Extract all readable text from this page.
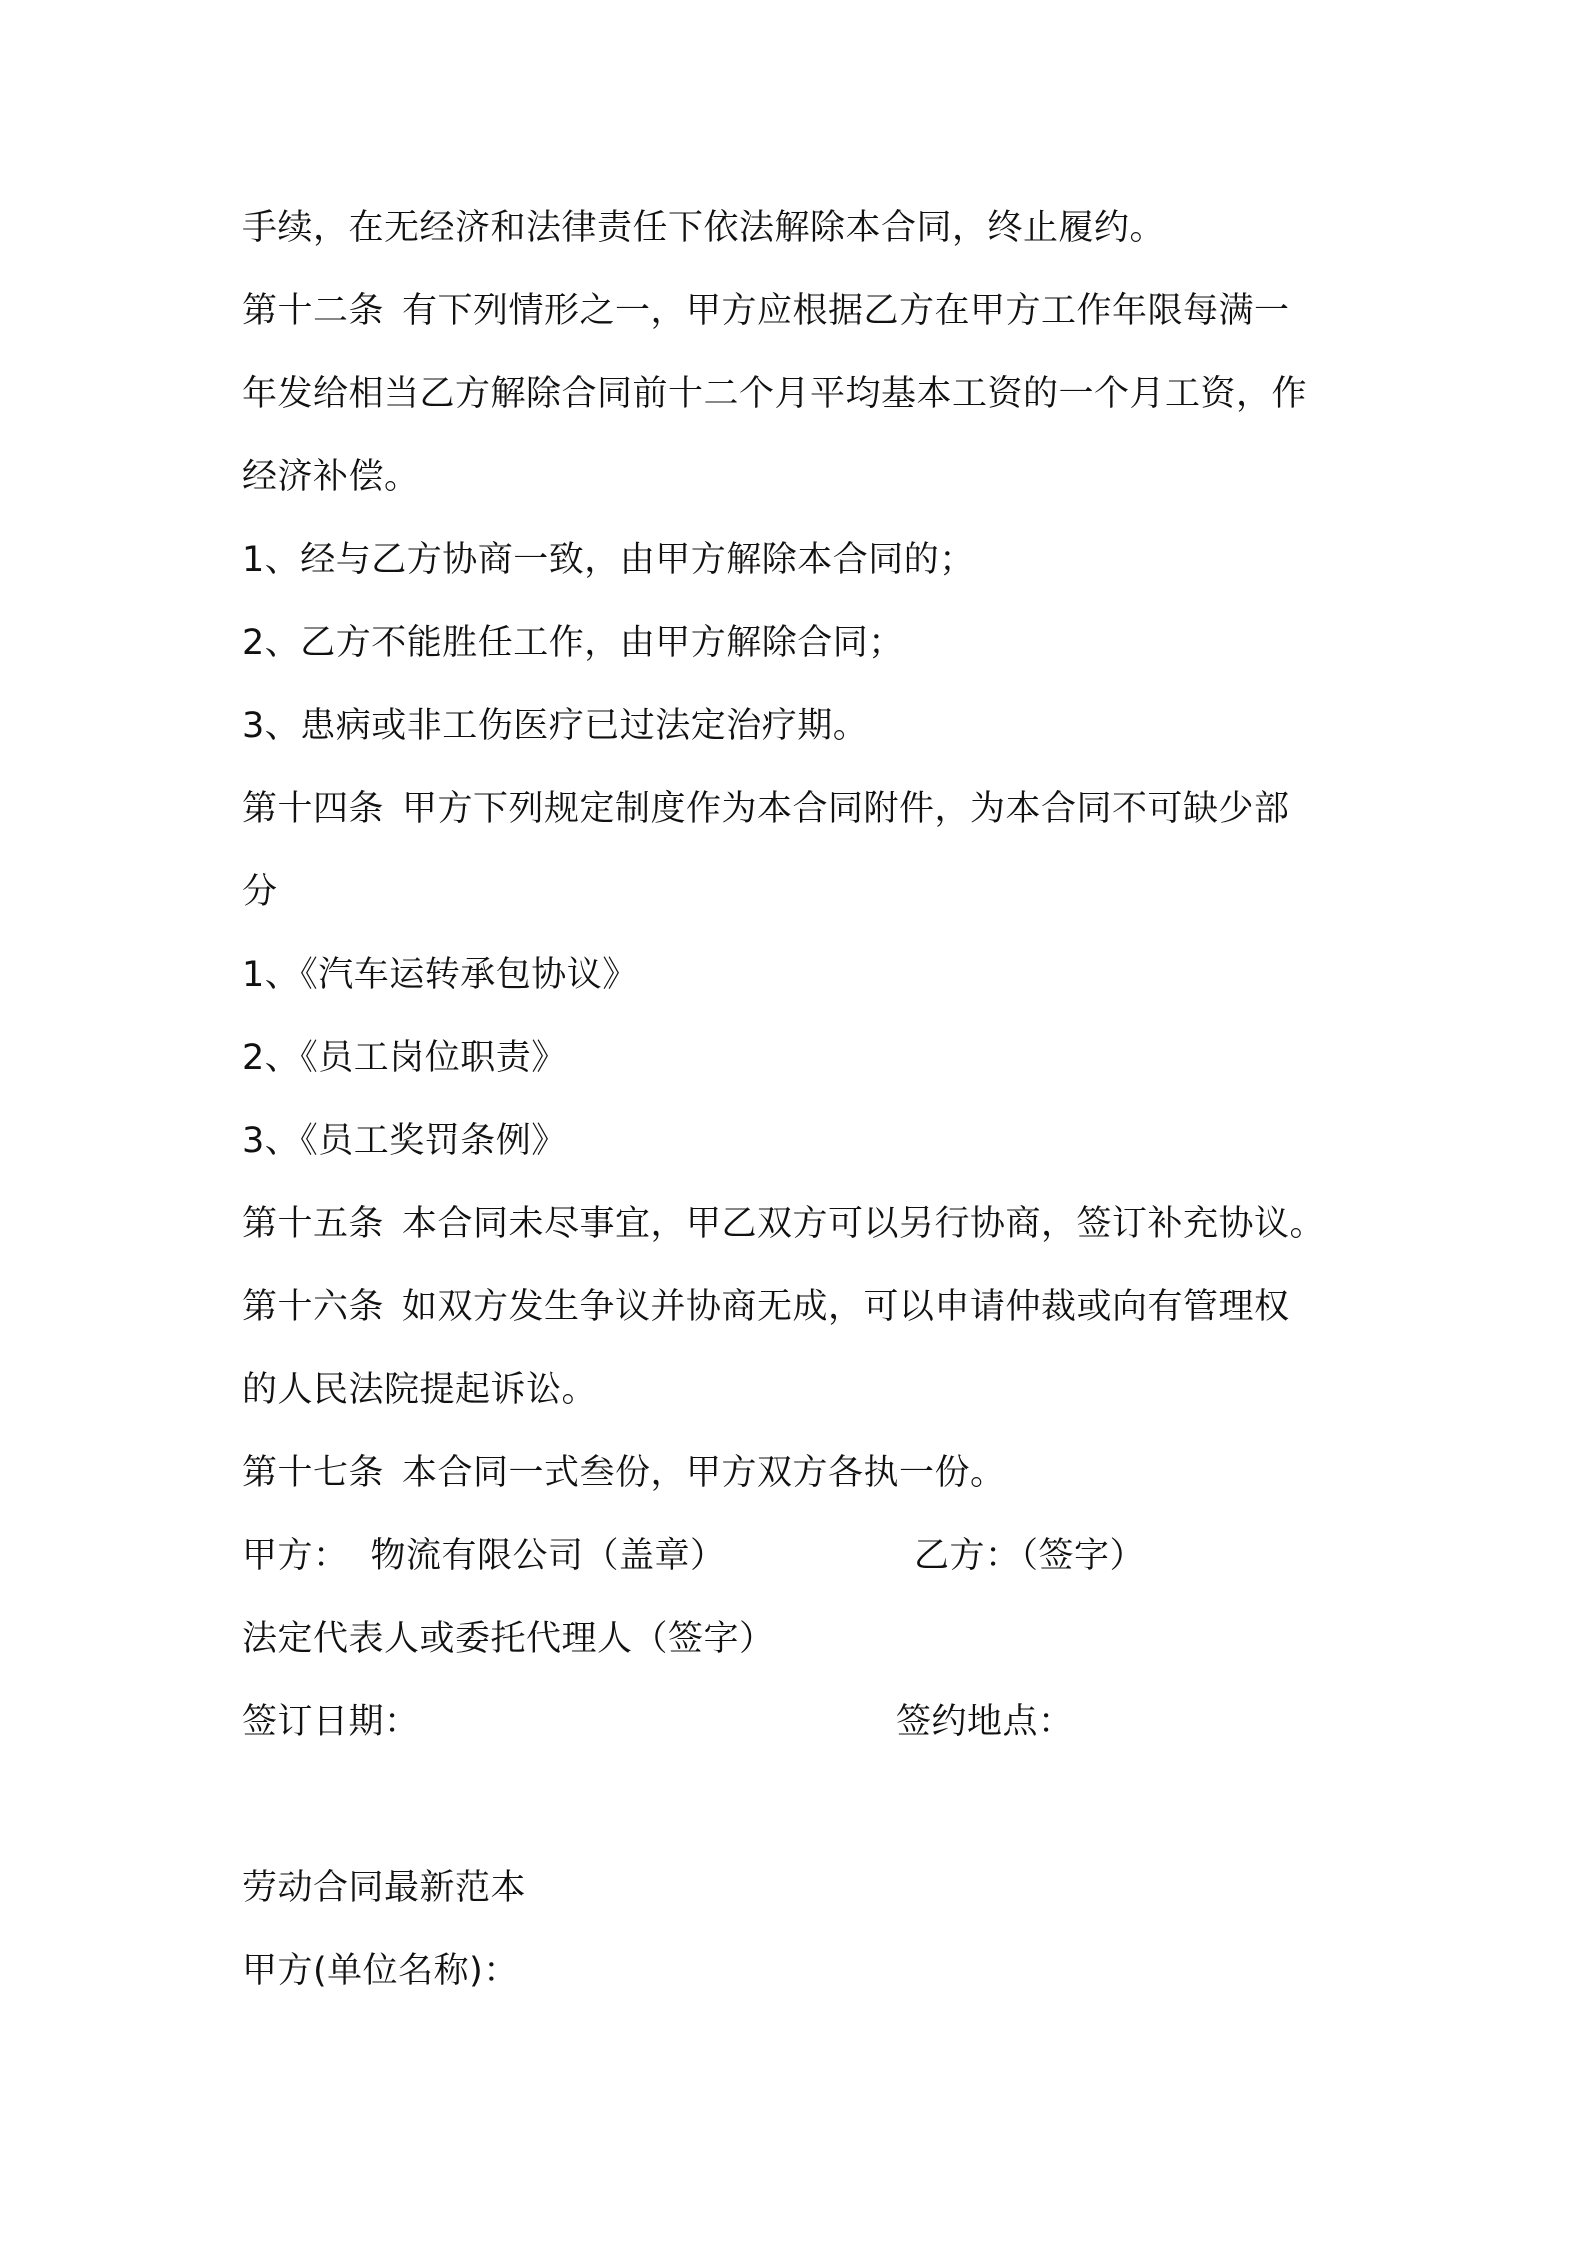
手续，在无经济和法律责任下依法解除本合同，终止履约。
第十二条 有下列情形之一，甲方应根据乙方在甲方工作年限每满一
年发给相当乙方解除合同前十二个月平均基本工资的一个月工资，作
经济补偿。
1、经与乙方协商一致，由甲方解除本合同的；
2、乙方不能胜任工作，由甲方解除合同；
3、患病或非工伤医疗已过法定治疗期。
第十四条 甲方下列规定制度作为本合同附件，为本合同不可缺少部
分
1、《汽车运转承包协议》
2、《员工岗位职责》
3、《员工奖罚条例》
第十五条 本合同未尽事宜，甲乙双方可以另行协商，签订补充协议。
第十六条 如双方发生争议并协商无成，可以申请仲裁或向有管理权
的人民法院提起诉讼。
第十七条 本合同一式叁份，甲方双方各执一份。
甲方： 物流有限公司（盖章）	乙方：（签字）
法定代表人或委托代理人（签字）
签订日期：	签约地点：
劳动合同最新范本
甲方(单位名称)：
